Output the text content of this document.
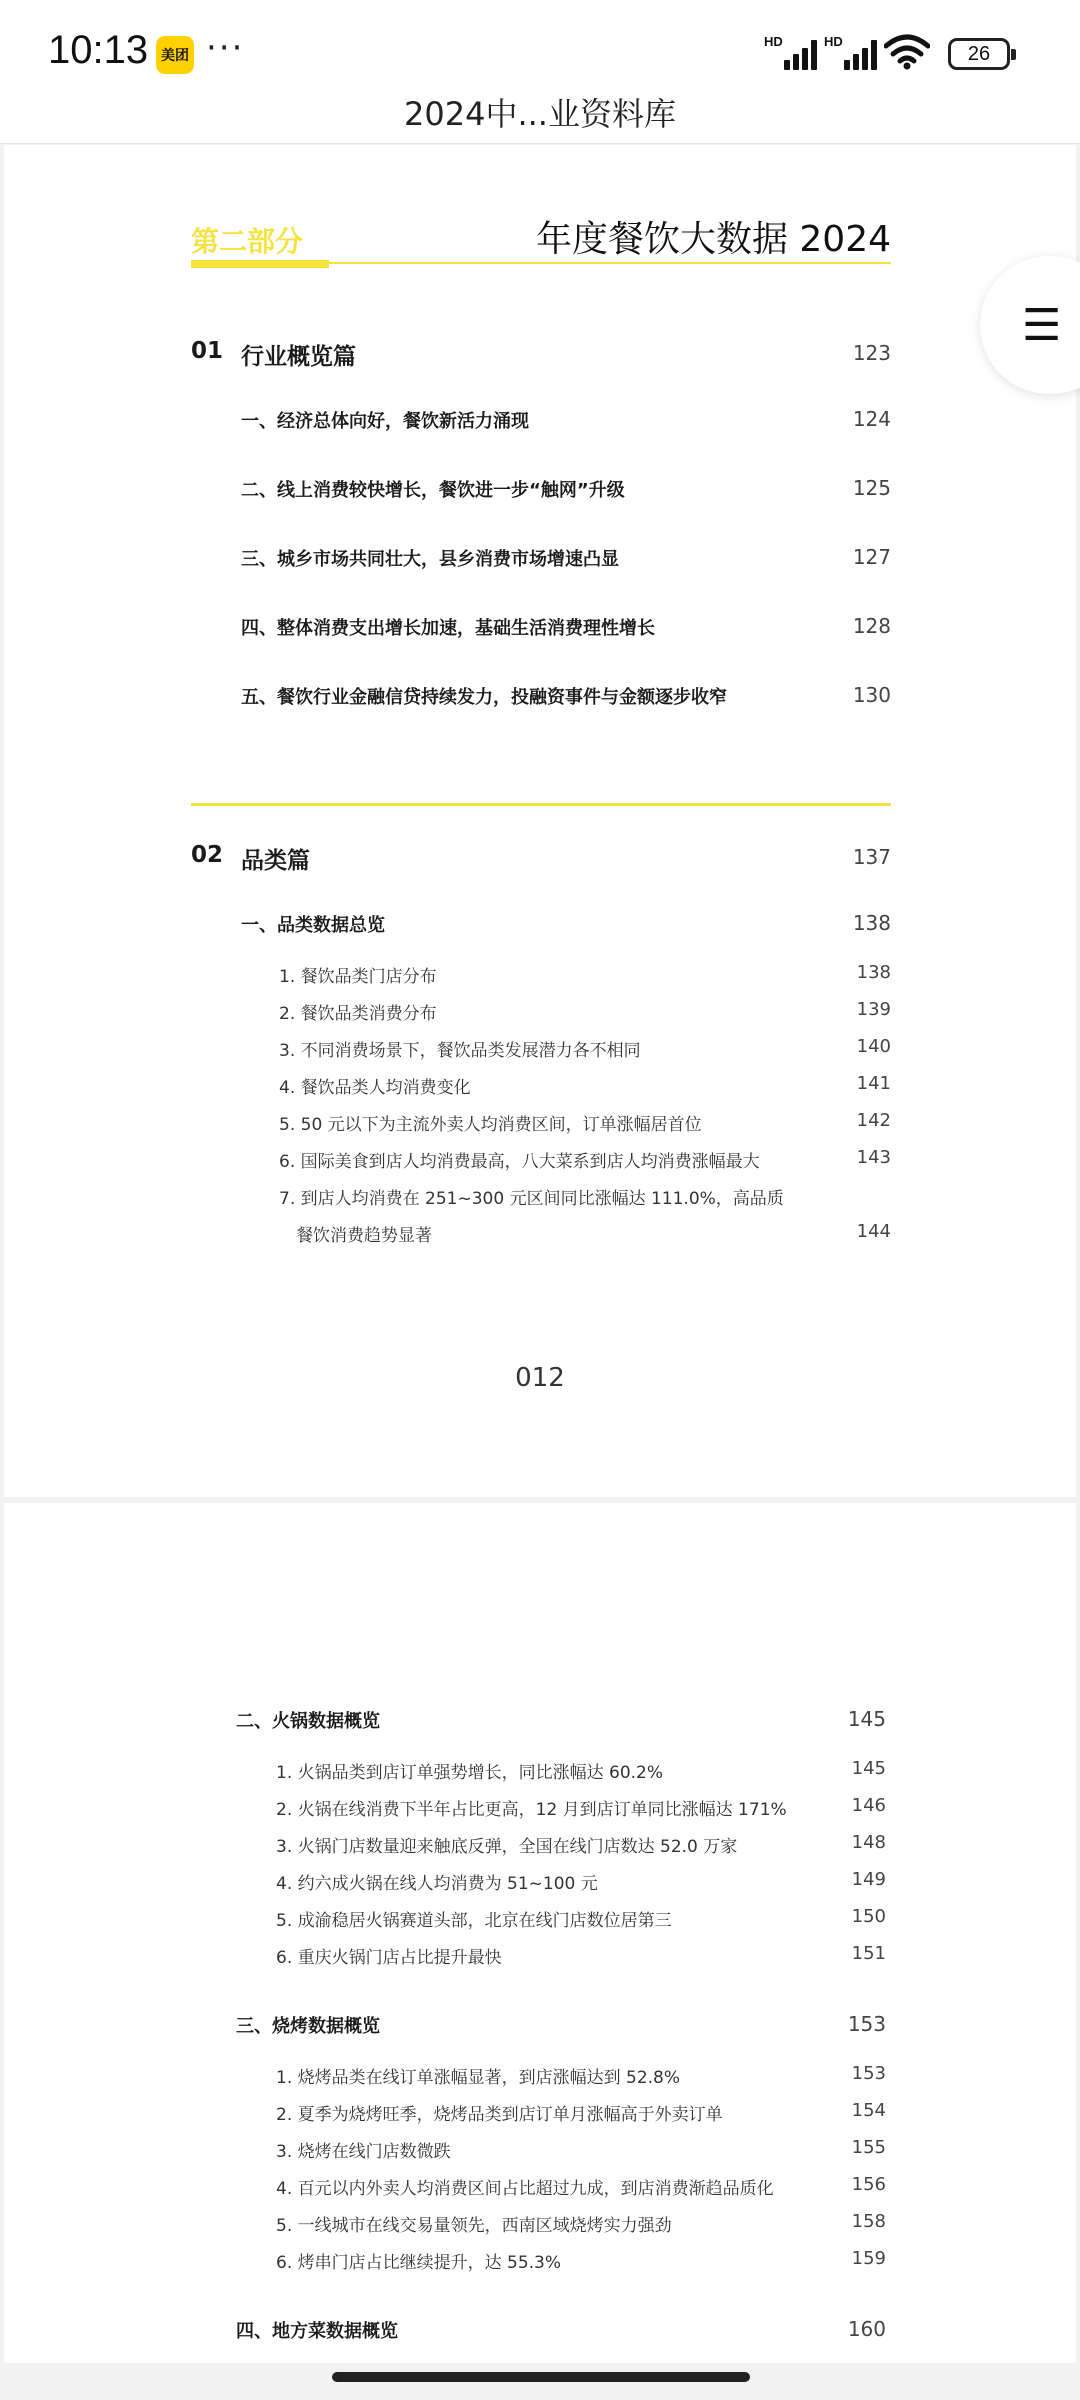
10:13 美团 ···	HD	HD
26
2024中...业资料库
第二部分	年度餐饮大数据 2024
01 行业概览篇	123
一、经济总体向好，餐饮新活力涌现	124
二、线上消费较快增长，餐饮进一步“触网”升级	125
三、城乡市场共同壮大，县乡消费市场增速凸显	127
四、整体消费支出增长加速，基础生活消费理性增长	128
五、餐饮行业金融信贷持续发力，投融资事件与金额逐步收窄	130
02 品类篇	137
一、品类数据总览	138
1. 餐饮品类门店分布	138
2. 餐饮品类消费分布	139
3. 不同消费场景下，餐饮品类发展潜力各不相同	140
4. 餐饮品类人均消费变化	141
5. 50 元以下为主流外卖人均消费区间，订单涨幅居首位	142
6. 国际美食到店人均消费最高，八大菜系到店人均消费涨幅最大	143
7. 到店人均消费在 251~300 元区间同比涨幅达 111.0%，高品质
餐饮消费趋势显著	144
012
二、火锅数据概览	145
1. 火锅品类到店订单强势增长，同比涨幅达 60.2%	145
2. 火锅在线消费下半年占比更高，12 月到店订单同比涨幅达 171%	146
3. 火锅门店数量迎来触底反弹，全国在线门店数达 52.0 万家	148
4. 约六成火锅在线人均消费为 51~100 元	149
5. 成渝稳居火锅赛道头部，北京在线门店数位居第三	150
6. 重庆火锅门店占比提升最快	151
三、烧烤数据概览	153
1. 烧烤品类在线订单涨幅显著，到店涨幅达到 52.8%	153
2. 夏季为烧烤旺季，烧烤品类到店订单月涨幅高于外卖订单	154
3. 烧烤在线门店数微跌	155
4. 百元以内外卖人均消费区间占比超过九成，到店消费渐趋品质化	156
5. 一线城市在线交易量领先，西南区域烧烤实力强劲	158
6. 烤串门店占比继续提升，达 55.3%	159
四、地方菜数据概览	160
☰
